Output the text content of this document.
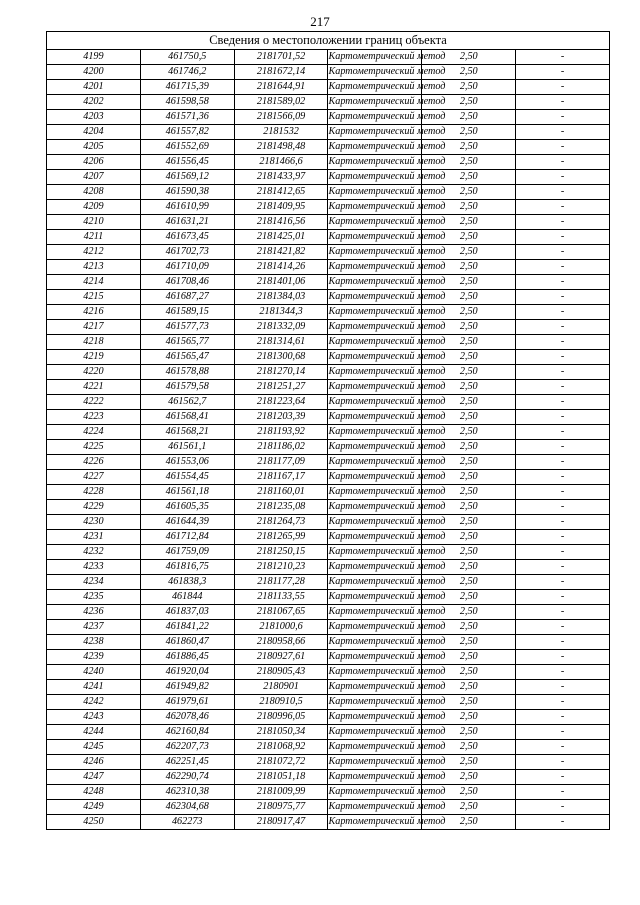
217
Сведения о местоположении границ объекта					
4199	461750,5	2181701,52	Картометрический метод	2,50	-
4200	461746,2	2181672,14	Картометрический метод	2,50	-
4201	461715,39	2181644,91	Картометрический метод	2,50	-
4202	461598,58	2181589,02	Картометрический метод	2,50	-
4203	461571,36	2181566,09	Картометрический метод	2,50	-
4204	461557,82	2181532	Картометрический метод	2,50	-
4205	461552,69	2181498,48	Картометрический метод	2,50	-
4206	461556,45	2181466,6	Картометрический метод	2,50	-
4207	461569,12	2181433,97	Картометрический метод	2,50	-
4208	461590,38	2181412,65	Картометрический метод	2,50	-
4209	461610,99	2181409,95	Картометрический метод	2,50	-
4210	461631,21	2181416,56	Картометрический метод	2,50	-
4211	461673,45	2181425,01	Картометрический метод	2,50	-
4212	461702,73	2181421,82	Картометрический метод	2,50	-
4213	461710,09	2181414,26	Картометрический метод	2,50	-
4214	461708,46	2181401,06	Картометрический метод	2,50	-
4215	461687,27	2181384,03	Картометрический метод	2,50	-
4216	461589,15	2181344,3	Картометрический метод	2,50	-
4217	461577,73	2181332,09	Картометрический метод	2,50	-
4218	461565,77	2181314,61	Картометрический метод	2,50	-
4219	461565,47	2181300,68	Картометрический метод	2,50	-
4220	461578,88	2181270,14	Картометрический метод	2,50	-
4221	461579,58	2181251,27	Картометрический метод	2,50	-
4222	461562,7	2181223,64	Картометрический метод	2,50	-
4223	461568,41	2181203,39	Картометрический метод	2,50	-
4224	461568,21	2181193,92	Картометрический метод	2,50	-
4225	461561,1	2181186,02	Картометрический метод	2,50	-
4226	461553,06	2181177,09	Картометрический метод	2,50	-
4227	461554,45	2181167,17	Картометрический метод	2,50	-
4228	461561,18	2181160,01	Картометрический метод	2,50	-
4229	461605,35	2181235,08	Картометрический метод	2,50	-
4230	461644,39	2181264,73	Картометрический метод	2,50	-
4231	461712,84	2181265,99	Картометрический метод	2,50	-
4232	461759,09	2181250,15	Картометрический метод	2,50	-
4233	461816,75	2181210,23	Картометрический метод	2,50	-
4234	461838,3	2181177,28	Картометрический метод	2,50	-
4235	461844	2181133,55	Картометрический метод	2,50	-
4236	461837,03	2181067,65	Картометрический метод	2,50	-
4237	461841,22	2181000,6	Картометрический метод	2,50	-
4238	461860,47	2180958,66	Картометрический метод	2,50	-
4239	461886,45	2180927,61	Картометрический метод	2,50	-
4240	461920,04	2180905,43	Картометрический метод	2,50	-
4241	461949,82	2180901	Картометрический метод	2,50	-
4242	461979,61	2180910,5	Картометрический метод	2,50	-
4243	462078,46	2180996,05	Картометрический метод	2,50	-
4244	462160,84	2181050,34	Картометрический метод	2,50	-
4245	462207,73	2181068,92	Картометрический метод	2,50	-
4246	462251,45	2181072,72	Картометрический метод	2,50	-
4247	462290,74	2181051,18	Картометрический метод	2,50	-
4248	462310,38	2181009,99	Картометрический метод	2,50	-
4249	462304,68	2180975,77	Картометрический метод	2,50	-
4250	462273	2180917,47	Картометрический метод	2,50	-
